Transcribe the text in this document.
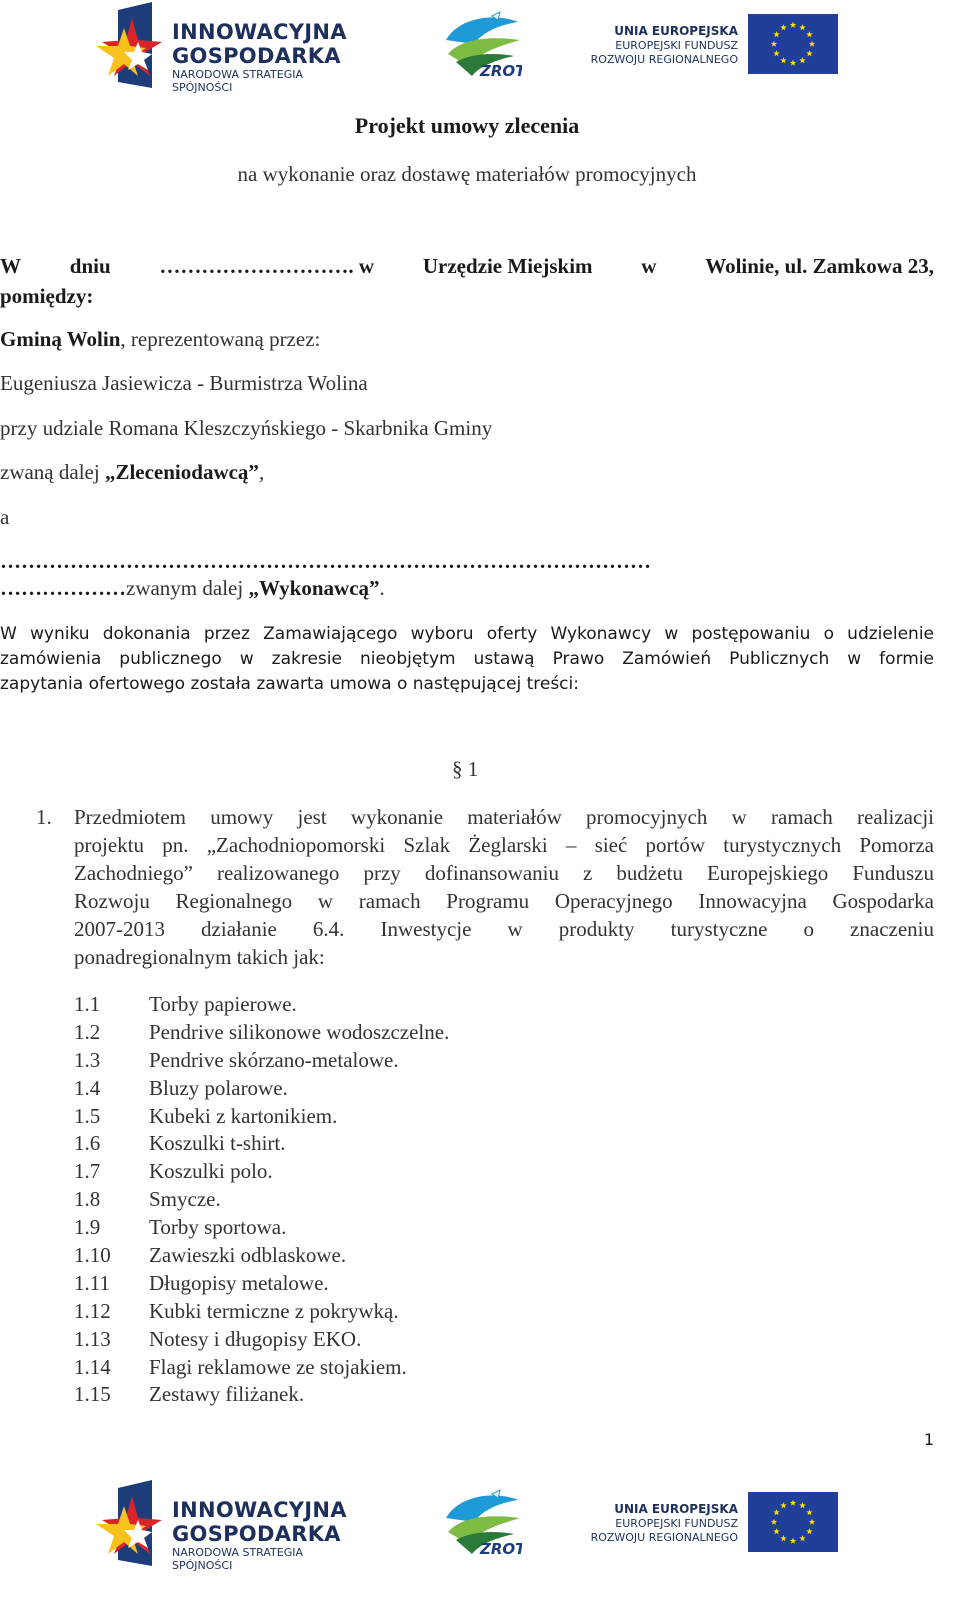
INNOWACYJNA
GOSPODARKA
NARODOWA STRATEGIA SPÓJNOŚCI
ZROT
UNIA EUROPEJSKA
EUROPEJSKI FUNDUSZ
ROZWOJU REGIONALNEGO
Projekt umowy zlecenia
na wykonanie oraz dostawę materiałów promocyjnych
W dniu ………………………. w Urzędzie Miejskim w Wolinie, ul. Zamkowa 23,
pomiędzy:
Gminą Wolin, reprezentowaną przez:
Eugeniusza Jasiewicza - Burmistrza Wolina
przy udziale Romana Kleszczyńskiego - Skarbnika Gminy
zwaną dalej „Zleceniodawcą”,
a
…………………………………………………………………………………
………………zwanym dalej „Wykonawcą”.
W wyniku dokonania przez Zamawiającego wyboru oferty Wykonawcy w postępowaniu o udzielenie
zamówienia publicznego w zakresie nieobjętym ustawą Prawo Zamówień Publicznych w formie
zapytania ofertowego została zawarta umowa o następującej treści:
§ 1
1. Przedmiotem umowy jest wykonanie materiałów promocyjnych w ramach realizacji
projektu pn. „Zachodniopomorski Szlak Żeglarski – sieć portów turystycznych Pomorza
Zachodniego” realizowanego przy dofinansowaniu z budżetu Europejskiego Funduszu
Rozwoju Regionalnego w ramach Programu Operacyjnego Innowacyjna Gospodarka
2007-2013 działanie 6.4. Inwestycje w produkty turystyczne o znaczeniu
ponadregionalnym takich jak:
1.1	Torby papierowe.
1.2	Pendrive silikonowe wodoszczelne.
1.3	Pendrive skórzano-metalowe.
1.4	Bluzy polarowe.
1.5	Kubeki z kartonikiem.
1.6	Koszulki t-shirt.
1.7	Koszulki polo.
1.8	Smycze.
1.9	Torby sportowa.
1.10	Zawieszki odblaskowe.
1.11	Długopisy metalowe.
1.12	Kubki termiczne z pokrywką.
1.13	Notesy i długopisy EKO.
1.14	Flagi reklamowe ze stojakiem.
1.15	Zestawy filiżanek.
1
INNOWACYJNA
GOSPODARKA
NARODOWA STRATEGIA SPÓJNOŚCI
ZROT
UNIA EUROPEJSKA
EUROPEJSKI FUNDUSZ
ROZWOJU REGIONALNEGO
